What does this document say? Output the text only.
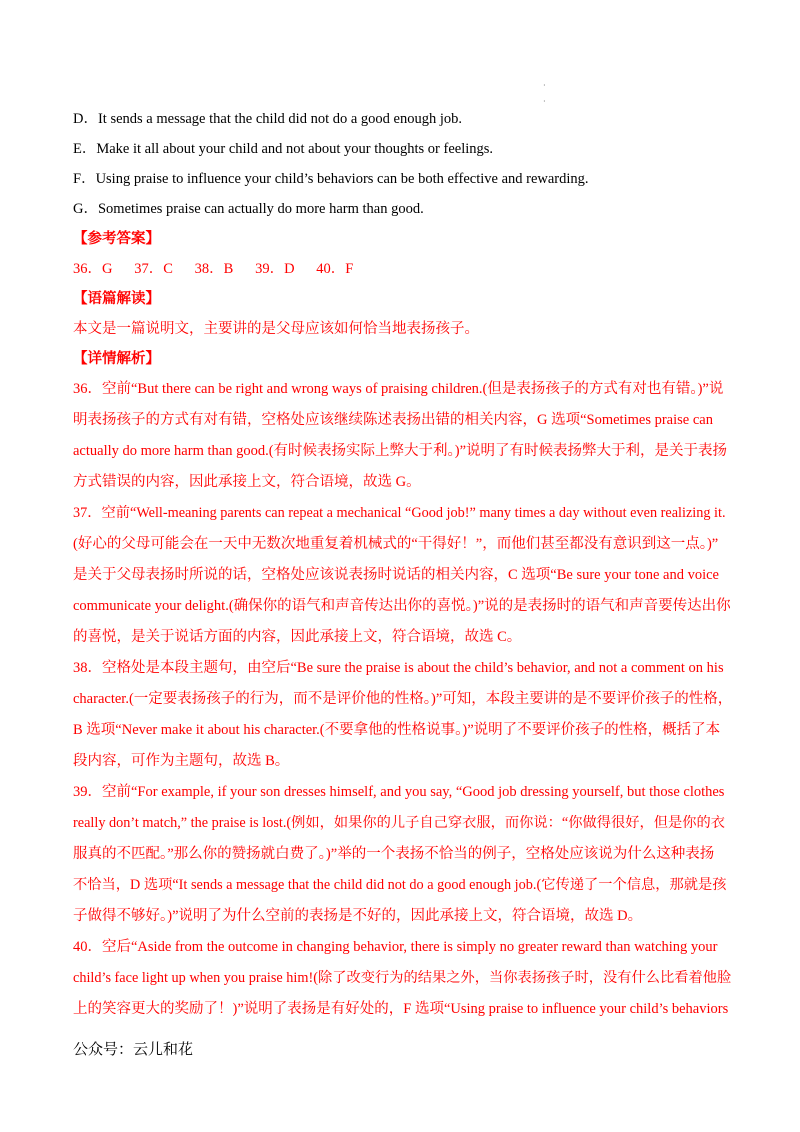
·
·
D．It sends a message that the child did not do a good enough job.
E．Make it all about your child and not about your thoughts or feelings.
F．Using praise to influence your child’s behaviors can be both effective and rewarding.
G．Sometimes praise can actually do more harm than good.
【参考答案】
36．G      37．C      38．B      39．D      40．F
【语篇解读】
本文是一篇说明文，主要讲的是父母应该如何恰当地表扬孩子。
【详情解析】
36．空前“But there can be right and wrong ways of praising children.(但是表扬孩子的方式有对也有错。)”说
明表扬孩子的方式有对有错，空格处应该继续陈述表扬出错的相关内容，G 选项“Sometimes praise can
actually do more harm than good.(有时候表扬实际上弊大于利。)”说明了有时候表扬弊大于利，是关于表扬
方式错误的内容，因此承接上文，符合语境，故选 G。
37．空前“Well-meaning parents can repeat a mechanical “Good job!” many times a day without even realizing it.
(好心的父母可能会在一天中无数次地重复着机械式的“干得好！”，而他们甚至都没有意识到这一点。)”
是关于父母表扬时所说的话，空格处应该说表扬时说话的相关内容，C 选项“Be sure your tone and voice
communicate your delight.(确保你的语气和声音传达出你的喜悦。)”说的是表扬时的语气和声音要传达出你
的喜悦，是关于说话方面的内容，因此承接上文，符合语境，故选 C。
38．空格处是本段主题句，由空后“Be sure the praise is about the child’s behavior, and not a comment on his
character.(一定要表扬孩子的行为，而不是评价他的性格。)”可知，本段主要讲的是不要评价孩子的性格，
B 选项“Never make it about his character.(不要拿他的性格说事。)”说明了不要评价孩子的性格，概括了本
段内容，可作为主题句，故选 B。
39．空前“For example, if your son dresses himself, and you say, “Good job dressing yourself, but those clothes
really don’t match,” the praise is lost.(例如，如果你的儿子自己穿衣服，而你说：“你做得很好，但是你的衣
服真的不匹配。”那么你的赞扬就白费了。)”举的一个表扬不恰当的例子，空格处应该说为什么这种表扬
不恰当，D 选项“It sends a message that the child did not do a good enough job.(它传递了一个信息，那就是孩
子做得不够好。)”说明了为什么空前的表扬是不好的，因此承接上文，符合语境，故选 D。
40．空后“Aside from the outcome in changing behavior, there is simply no greater reward than watching your
child’s face light up when you praise him!(除了改变行为的结果之外，当你表扬孩子时，没有什么比看着他脸
上的笑容更大的奖励了！)”说明了表扬是有好处的，F 选项“Using praise to influence your child’s behaviors
公众号：云儿和花
